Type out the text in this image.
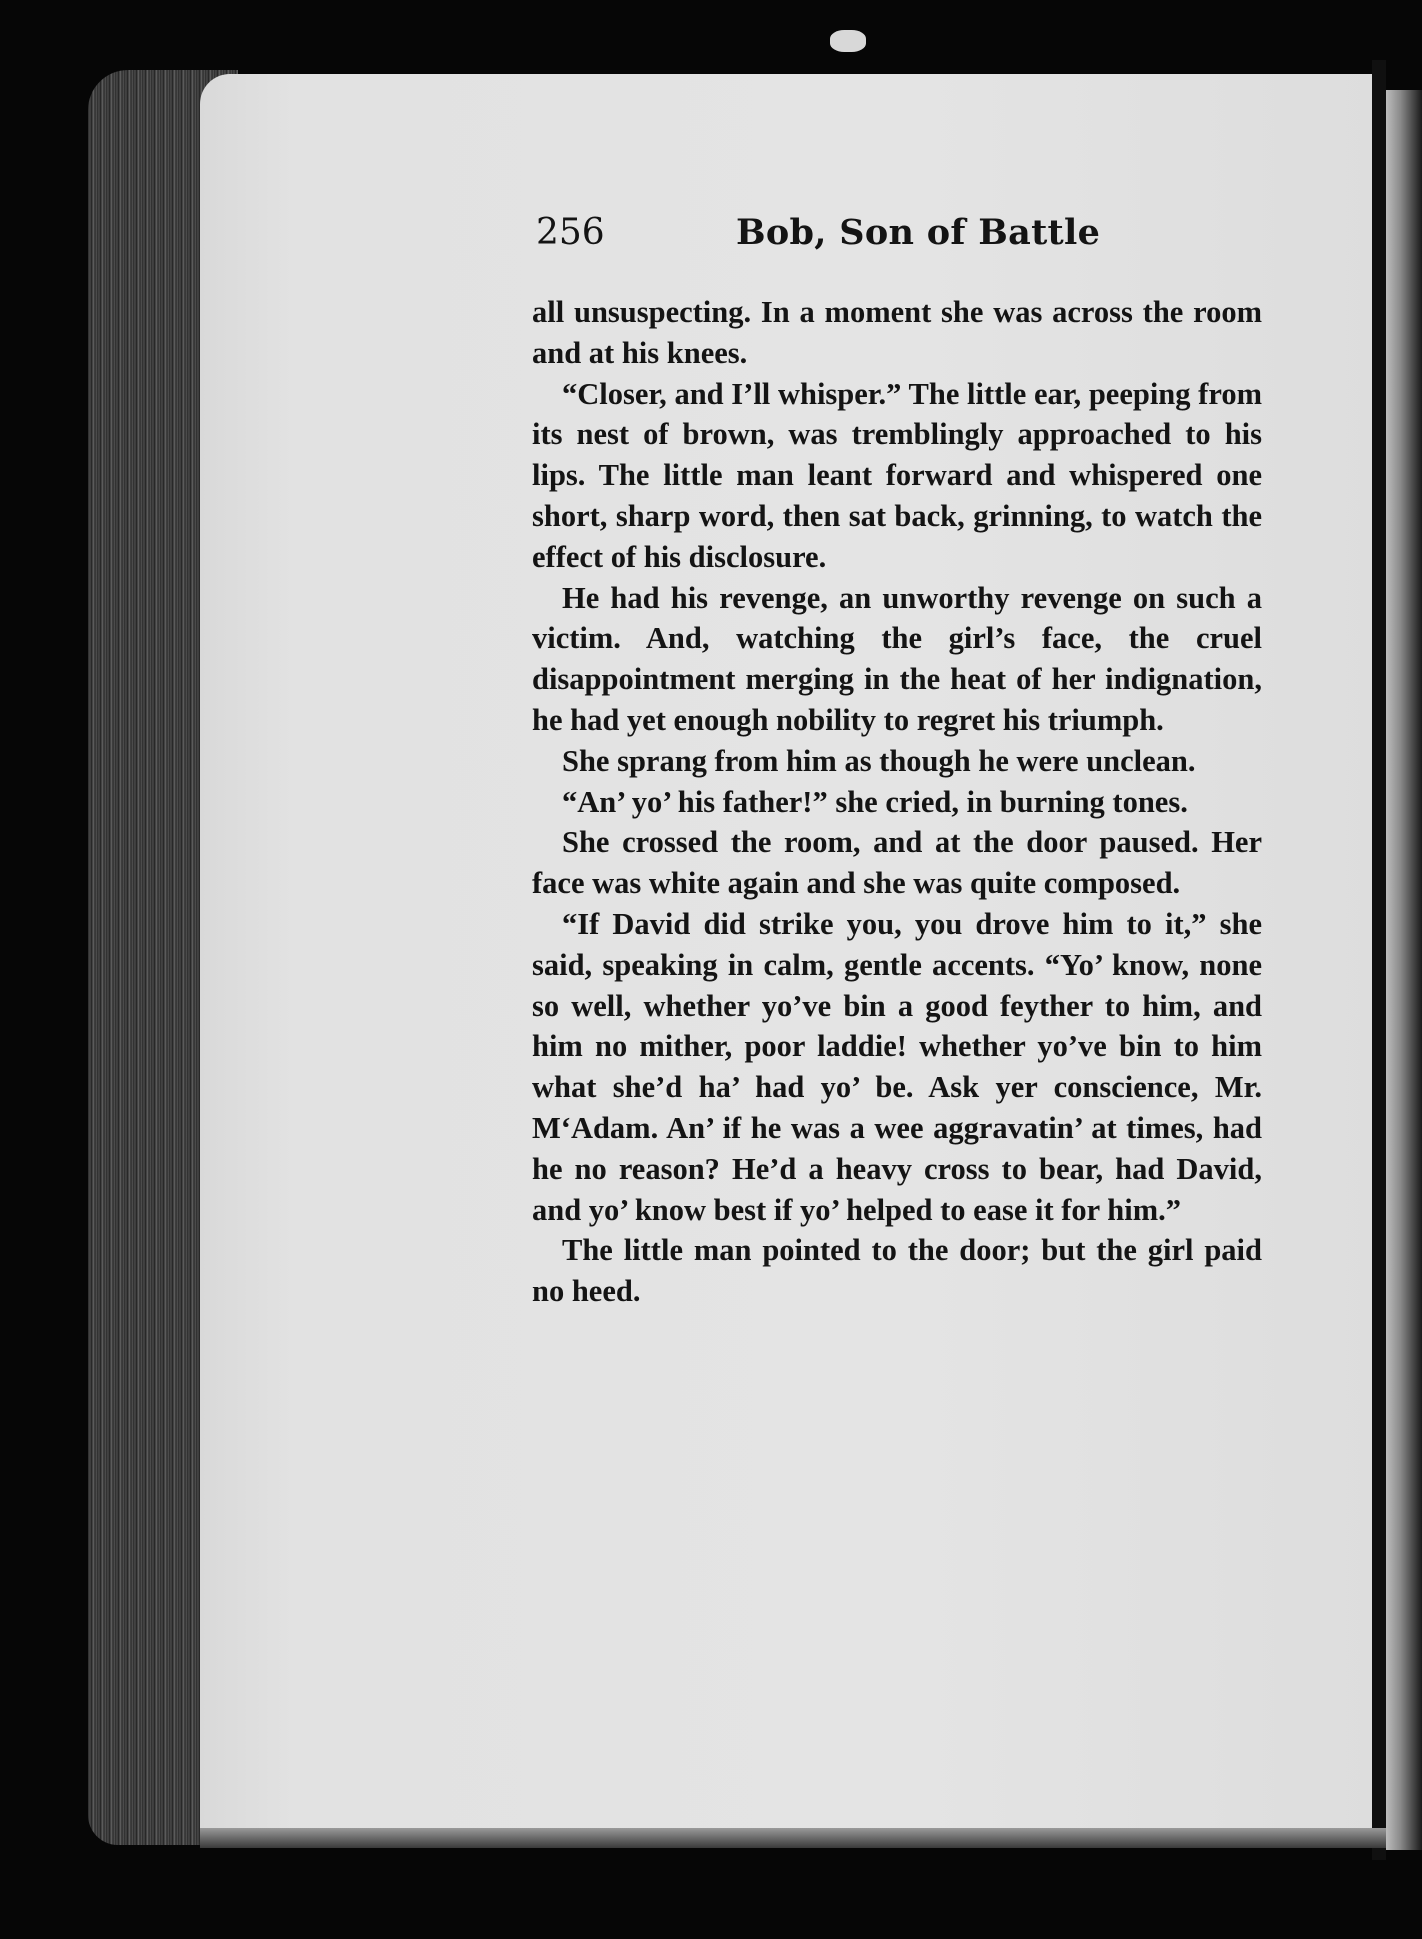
256	Bob, Son of Battle

all unsuspecting. In a moment she was across the room and at his knees.

“Closer, and I’ll whisper.” The little ear, peeping from its nest of brown, was tremblingly approached to his lips. The little man leant forward and whispered one short, sharp word, then sat back, grinning, to watch the effect of his disclosure.

He had his revenge, an unworthy revenge on such a victim. And, watching the girl’s face, the cruel disappointment merging in the heat of her indignation, he had yet enough nobility to regret his triumph.

She sprang from him as though he were unclean.

“An’ yo’ his father!” she cried, in burning tones.

She crossed the room, and at the door paused. Her face was white again and she was quite composed.

“If David did strike you, you drove him to it,” she said, speaking in calm, gentle accents. “Yo’ know, none so well, whether yo’ve bin a good feyther to him, and him no mither, poor laddie! whether yo’ve bin to him what she’d ha’ had yo’ be. Ask yer conscience, Mr. M‘Adam. An’ if he was a wee aggravatin’ at times, had he no reason? He’d a heavy cross to bear, had David, and yo’ know best if yo’ helped to ease it for him.”

The little man pointed to the door; but the girl paid no heed.
